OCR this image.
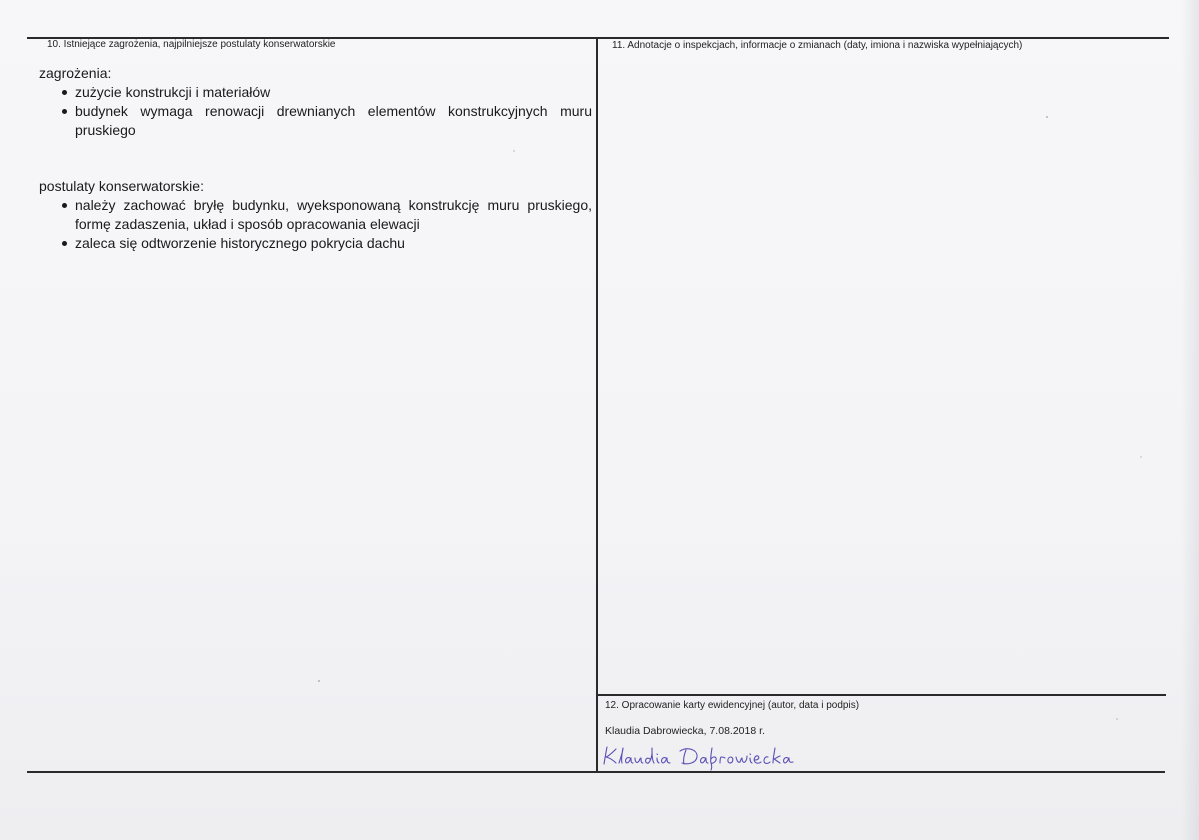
10. Istniejące zagrożenia, najpilniejsze postulaty konserwatorskie

zagrożenia:

zużycie konstrukcji i materiałów
budynek wymaga renowacji drewnianych elementów konstrukcyjnych muru pruskiego

postulaty konserwatorskie:

należy zachować bryłę budynku, wyeksponowaną konstrukcję muru pruskiego, formę zadaszenia, układ i sposób opracowania elewacji
zaleca się odtworzenie historycznego pokrycia dachu
11. Adnotacje o inspekcjach, informacje o zmianach (daty, imiona i nazwiska wypełniających)
12. Opracowanie karty ewidencyjnej (autor, data i podpis)
Klaudia Dabrowiecka, 7.08.2018 r.
